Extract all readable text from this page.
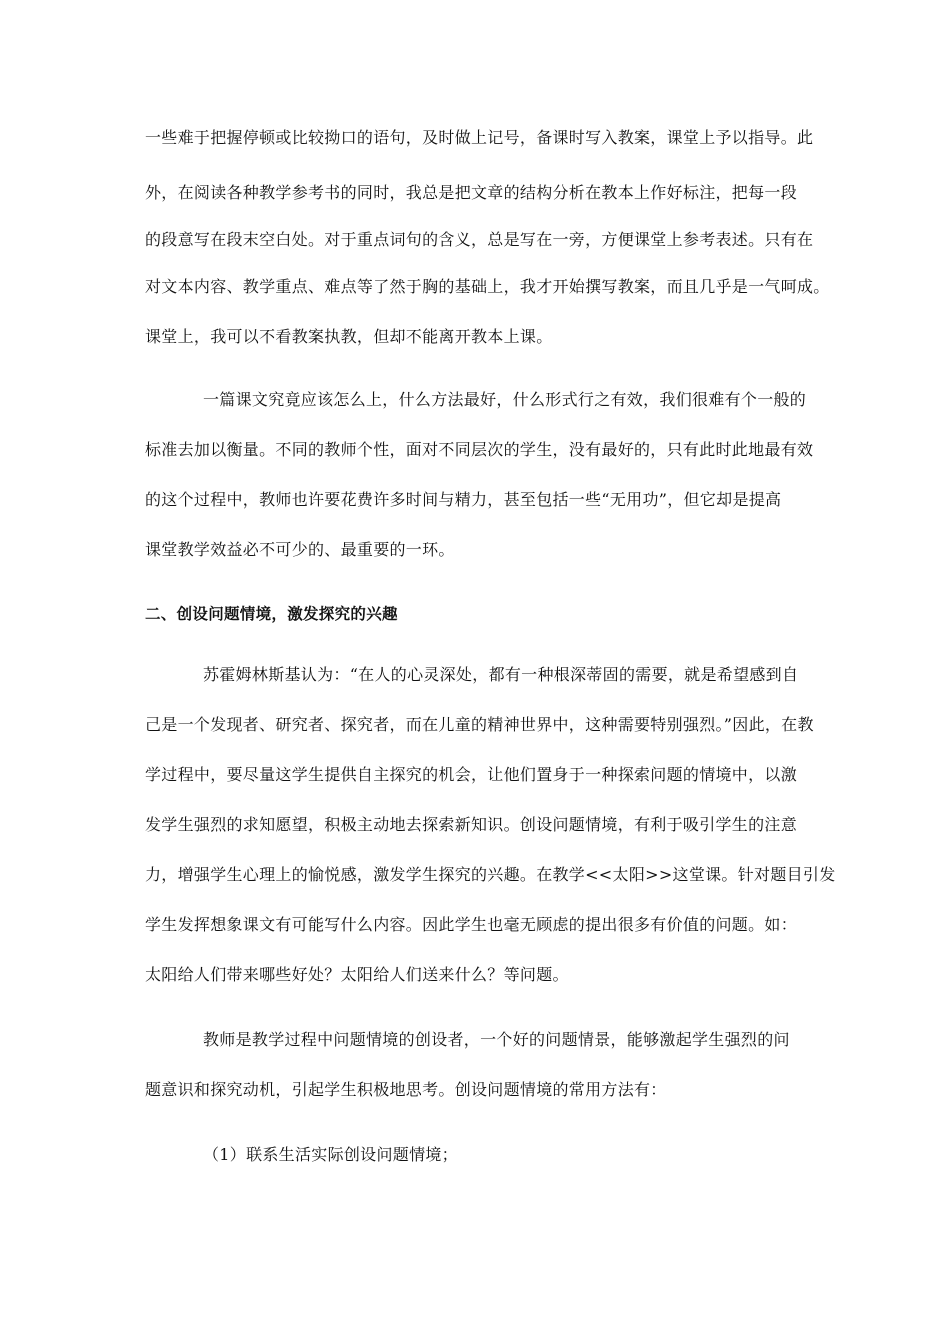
一些难于把握停顿或比较拗口的语句，及时做上记号，备课时写入教案，课堂上予以指导。此
外，在阅读各种教学参考书的同时，我总是把文章的结构分析在教本上作好标注，把每一段
的段意写在段末空白处。对于重点词句的含义，总是写在一旁，方便课堂上参考表述。只有在
对文本内容、教学重点、难点等了然于胸的基础上，我才开始撰写教案，而且几乎是一气呵成。
课堂上，我可以不看教案执教，但却不能离开教本上课。
一篇课文究竟应该怎么上，什么方法最好，什么形式行之有效，我们很难有个一般的
标准去加以衡量。不同的教师个性，面对不同层次的学生，没有最好的，只有此时此地最有效
的这个过程中，教师也许要花费许多时间与精力，甚至包括一些“无用功”，但它却是提高
课堂教学效益必不可少的、最重要的一环。
二、创设问题情境，激发探究的兴趣
苏霍姆林斯基认为：“在人的心灵深处，都有一种根深蒂固的需要，就是希望感到自
己是一个发现者、研究者、探究者，而在儿童的精神世界中，这种需要特别强烈。”因此，在教
学过程中，要尽量这学生提供自主探究的机会，让他们置身于一种探索问题的情境中，以激
发学生强烈的求知愿望，积极主动地去探索新知识。创设问题情境，有利于吸引学生的注意
力，增强学生心理上的愉悦感，激发学生探究的兴趣。在教学<<太阳>>这堂课。针对题目引发
学生发挥想象课文有可能写什么内容。因此学生也毫无顾虑的提出很多有价值的问题。如：
太阳给人们带来哪些好处？太阳给人们送来什么？等问题。
教师是教学过程中问题情境的创设者，一个好的问题情景，能够激起学生强烈的问
题意识和探究动机，引起学生积极地思考。创设问题情境的常用方法有：
（1）联系生活实际创设问题情境；
